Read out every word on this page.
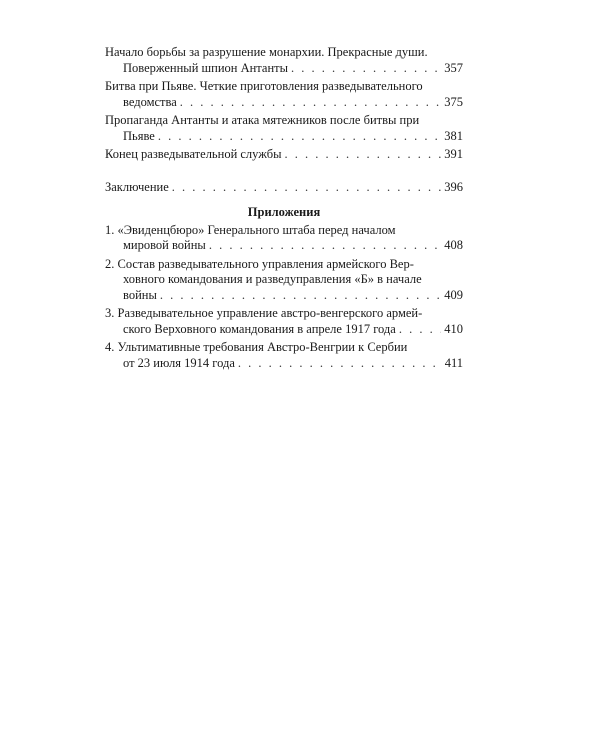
Начало борьбы за разрушение монархии. Прекрасные души.
Поверженный шпион Антанты . . .	357
Битва при Пьяве. Четкие приготовления разведывательного
ведомства . . .	375
Пропаганда Антанты и атака мятежников после битвы при
Пьяве . . .	381
Конец разведывательной службы . . .	391
Заключение . . .	396
Приложения
1. «Эвиденцбюро» Генерального штаба перед началом
мировой войны . . .	408
2. Состав разведывательного управления армейского Вер-
ховного командования и разведуправления «Б» в начале
войны . . .	409
3. Разведывательное управление австро-венгерского армей-
ского Верховного командования в апреле 1917 года . . .	410
4. Ультимативные требования Австро-Венгрии к Сербии
от 23 июля 1914 года . . .	411
